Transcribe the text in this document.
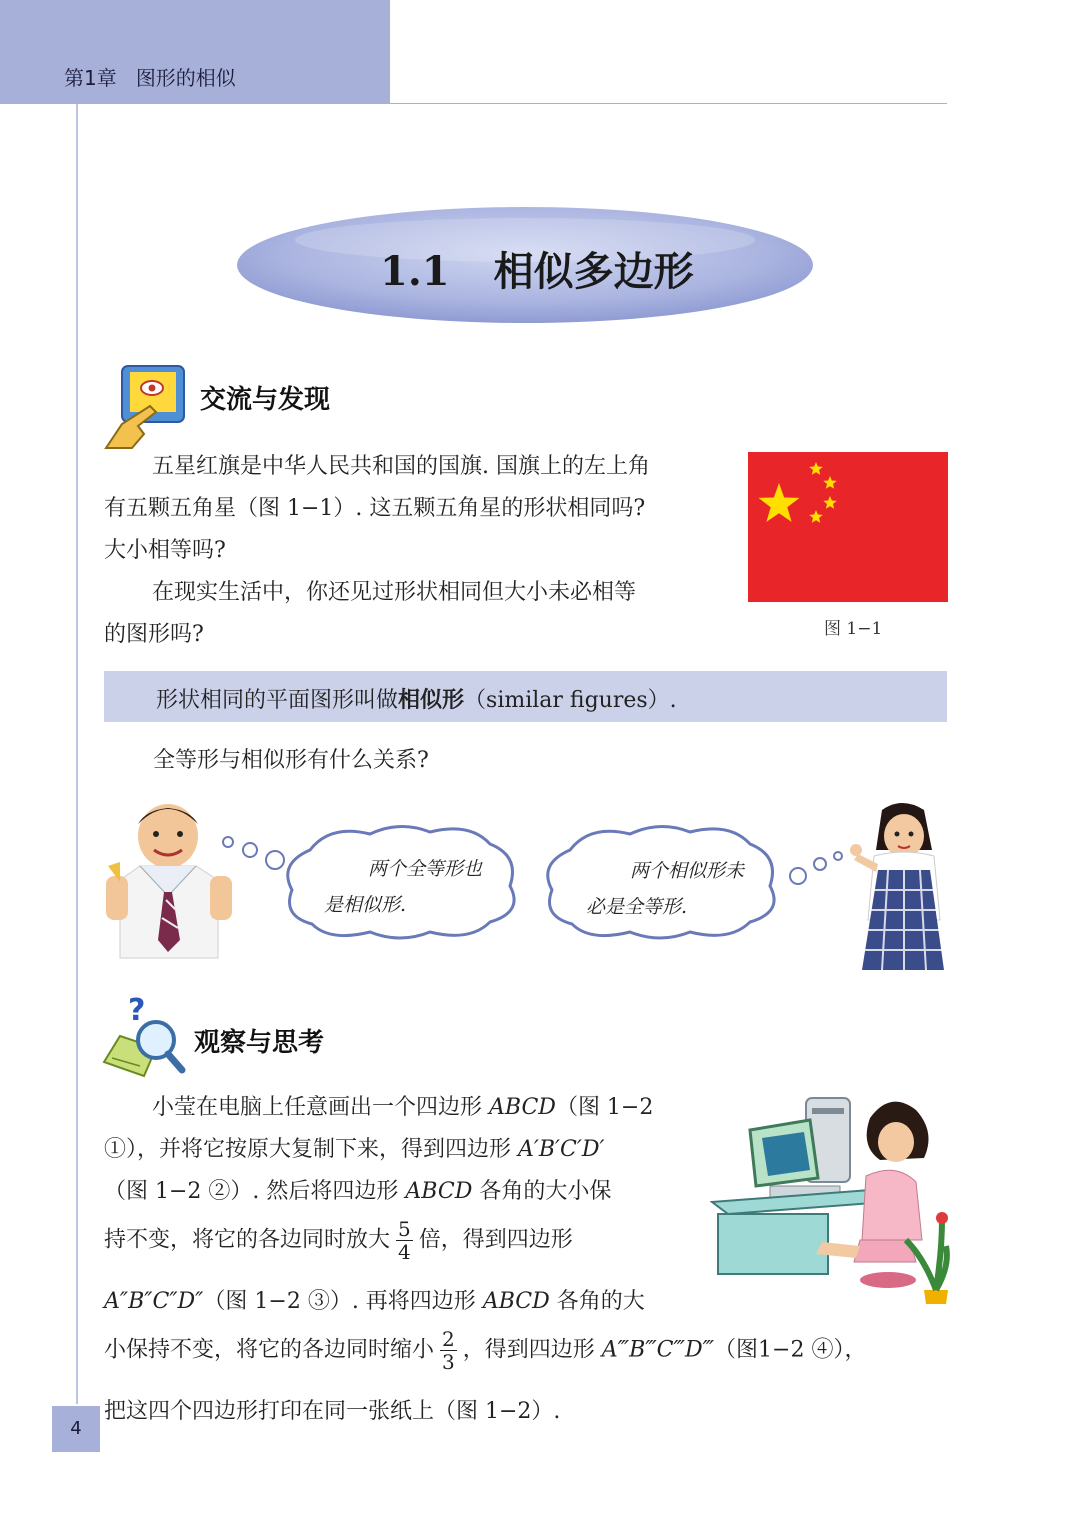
第1章 图形的相似
1.1 相似多边形
交流与发现

五星红旗是中华人民共和国的国旗. 国旗上的左上角

有五颗五角星（图 1−1）. 这五颗五角星的形状相同吗?

大小相等吗?

在现实生活中，你还见过形状相同但大小未必相等

的图形吗?	图 1−1
形状相同的平面图形叫做相似形（similar figures）.
全等形与相似形有什么关系?
两个全等形也
是相似形.
两个相似形未
必是全等形.
?
观察与思考
小莹在电脑上任意画出一个四边形 ABCD（图 1−2
①），并将它按原大复制下来，得到四边形 A′B′C′D′
（图 1−2 ②）. 然后将四边形 ABCD 各角的大小保
持不变，将它的各边同时放大 $\frac{5}{4}$ 倍，得到四边形
A″B″C″D″（图 1−2 ③）. 再将四边形 ABCD 各角的大
小保持不变，将它的各边同时缩小 $\frac{2}{3}$ ，得到四边形 A‴B‴C‴D‴（图1−2 ④），
把这四个四边形打印在同一张纸上（图 1−2）.
4
